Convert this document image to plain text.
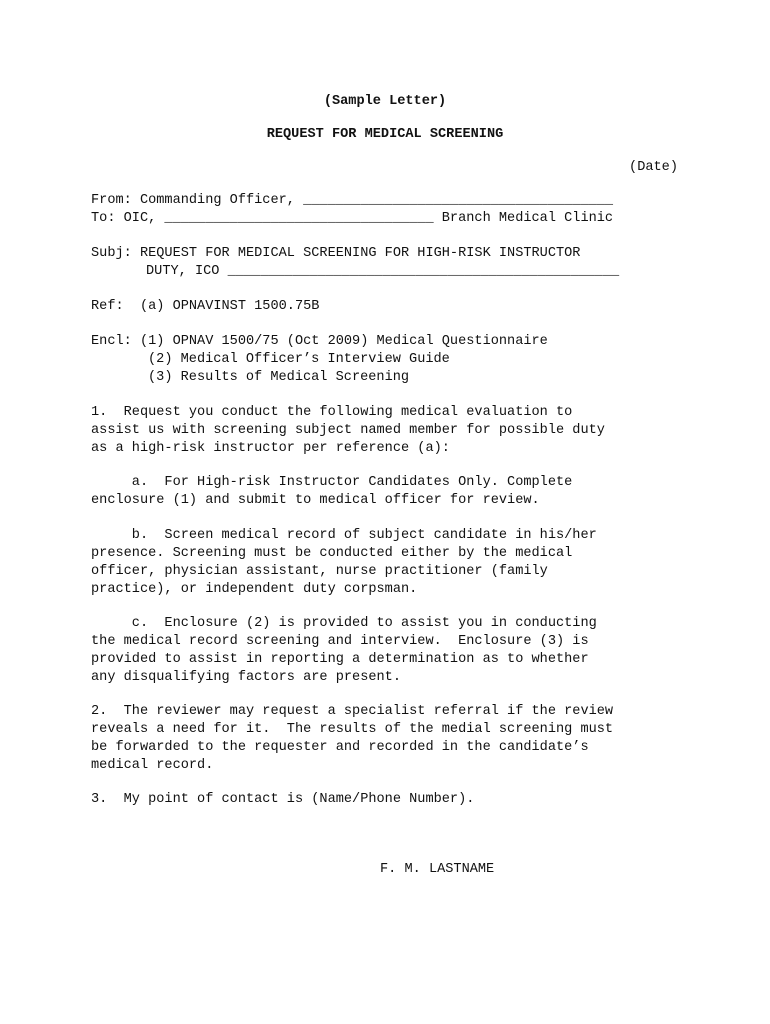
(Sample Letter)
REQUEST FOR MEDICAL SCREENING
(Date)
From: Commanding Officer, ______________________________________
To: OIC, _________________________________ Branch Medical Clinic
Subj: REQUEST FOR MEDICAL SCREENING FOR HIGH-RISK INSTRUCTOR
DUTY, ICO ________________________________________________
Ref:  (a) OPNAVINST 1500.75B
Encl: (1) OPNAV 1500/75 (Oct 2009) Medical Questionnaire
(2) Medical Officer’s Interview Guide
(3) Results of Medical Screening
1.  Request you conduct the following medical evaluation to
assist us with screening subject named member for possible duty
as a high-risk instructor per reference (a):
a.  For High-risk Instructor Candidates Only. Complete
enclosure (1) and submit to medical officer for review.
b.  Screen medical record of subject candidate in his/her
presence. Screening must be conducted either by the medical
officer, physician assistant, nurse practitioner (family
practice), or independent duty corpsman.
c.  Enclosure (2) is provided to assist you in conducting
the medical record screening and interview.  Enclosure (3) is
provided to assist in reporting a determination as to whether
any disqualifying factors are present.
2.  The reviewer may request a specialist referral if the review
reveals a need for it.  The results of the medial screening must
be forwarded to the requester and recorded in the candidate’s
medical record.
3.  My point of contact is (Name/Phone Number).
F. M. LASTNAME
